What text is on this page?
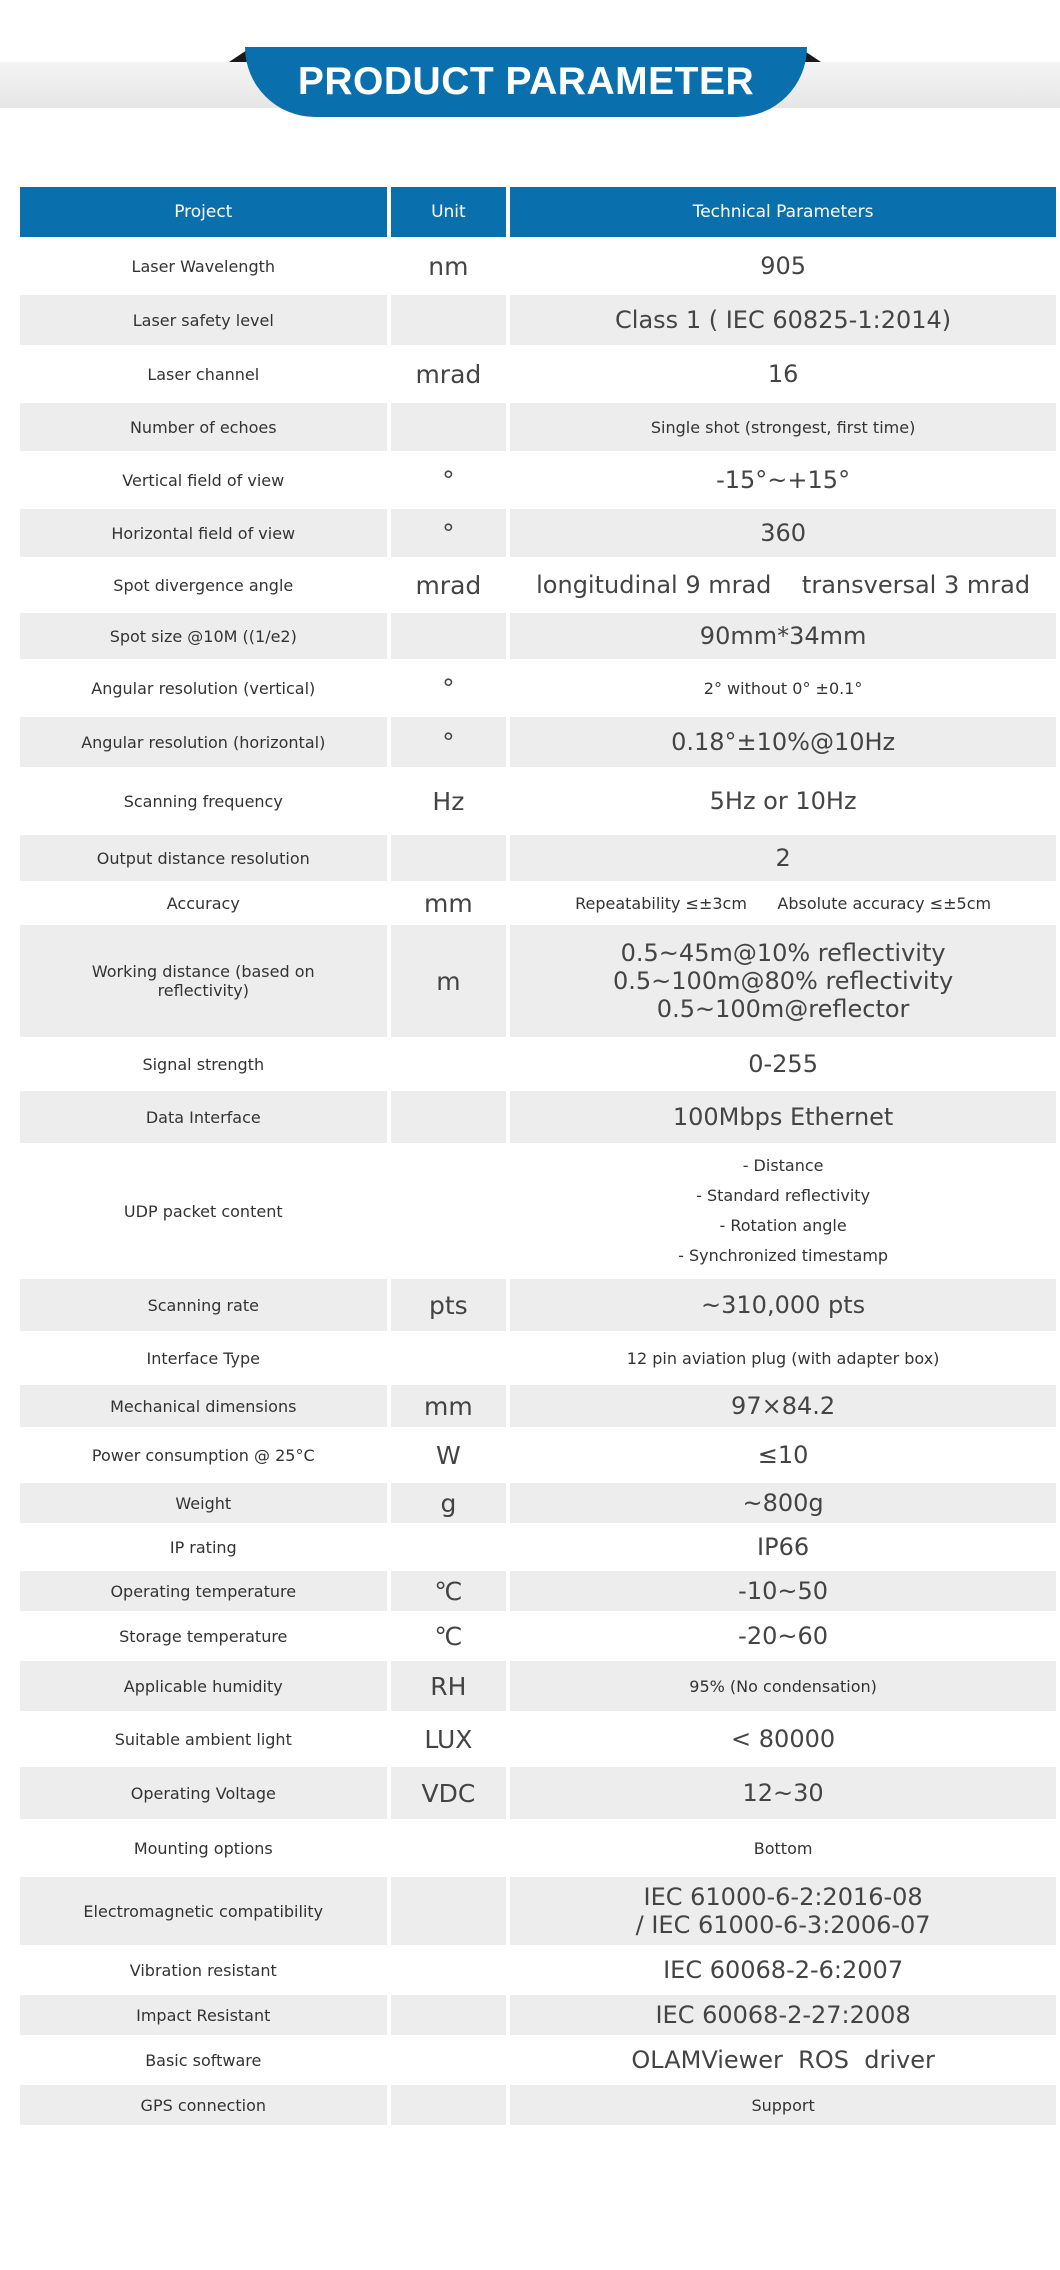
PRODUCT PARAMETER
Project	Unit	Technical Parameters
Laser Wavelength	nm	905
Laser safety level		Class 1 ( IEC 60825-1:2014)
Laser channel	mrad	16
Number of echoes		Single shot (strongest, first time)
Vertical field of view	°	-15°~+15°
Horizontal field of view	°	360
Spot divergence angle	mrad	longitudinal 9 mrad    transversal 3 mrad
Spot size @10M ((1/e2)		90mm*34mm
Angular resolution (vertical)	°	2° without 0° ±0.1°
Angular resolution (horizontal)	°	0.18°±10%@10Hz
Scanning frequency	Hz	5Hz or 10Hz
Output distance resolution		2
Accuracy	mm	Repeatability ≤±3cm      Absolute accuracy ≤±5cm
Working distance (based on reflectivity)	m	0.5~45m@10% reflectivity
0.5~100m@80% reflectivity
0.5~100m@reflector

Signal strength		0-255
Data Interface		100Mbps Ethernet
UDP packet content		- Distance
- Standard reflectivity
- Rotation angle
- Synchronized timestamp

Scanning rate	pts	~310,000 pts
Interface Type		12 pin aviation plug (with adapter box)
Mechanical dimensions	mm	97×84.2
Power consumption @ 25°C	W	≤10
Weight	g	~800g
IP rating		IP66
Operating temperature	℃	-10~50
Storage temperature	℃	-20~60
Applicable humidity	RH	95% (No condensation)
Suitable ambient light	LUX	< 80000
Operating Voltage	VDC	12~30
Mounting options		Bottom
Electromagnetic compatibility		IEC 61000-6-2:2016-08
/ IEC 61000-6-3:2006-07

Vibration resistant		IEC 60068-2-6:2007
Impact Resistant		IEC 60068-2-27:2008
Basic software		OLAMViewer  ROS  driver
GPS connection		Support
